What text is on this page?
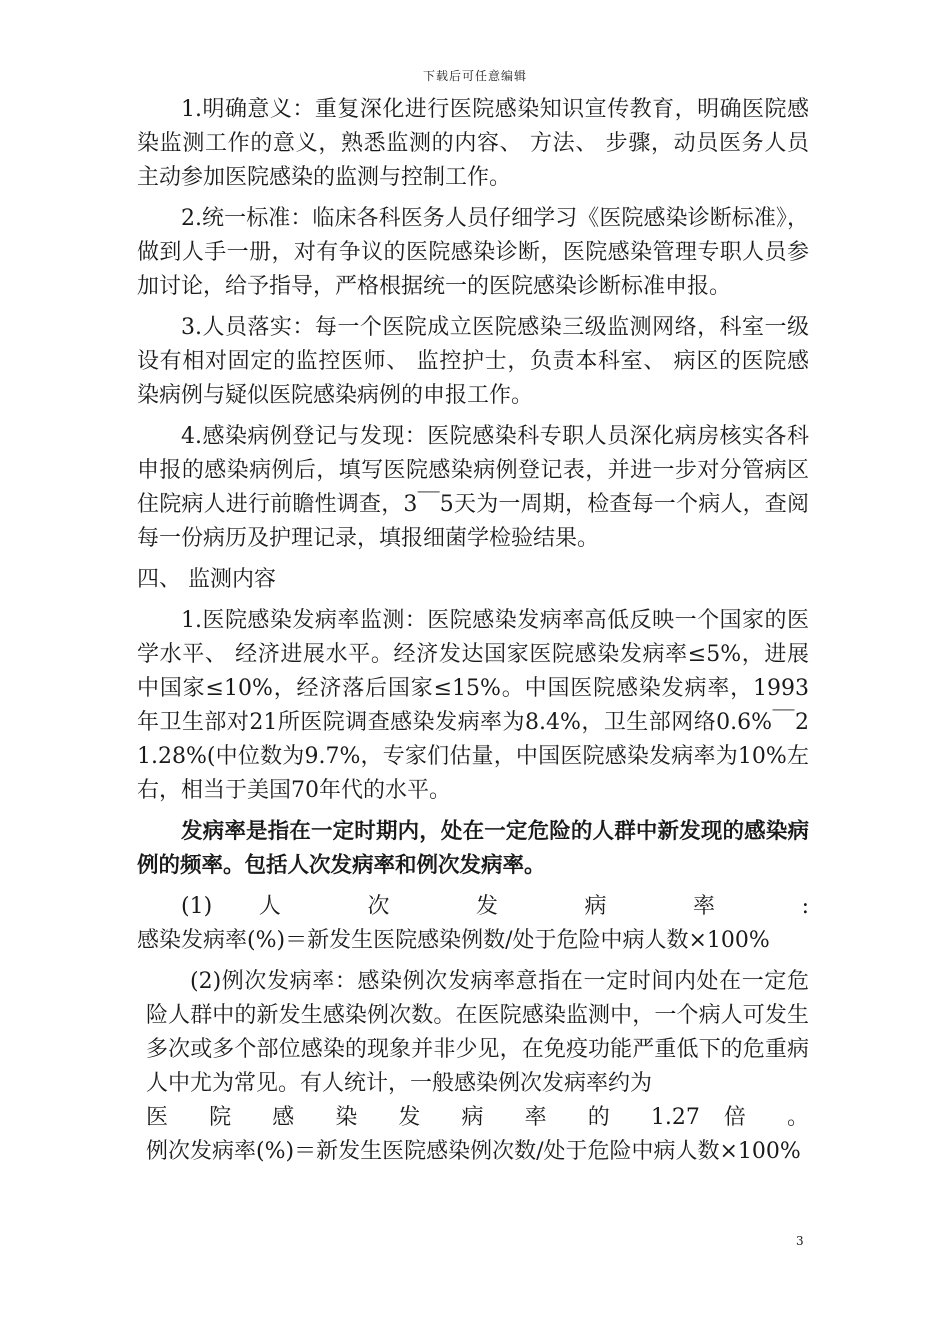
下载后可任意编辑

1.明确意义：重复深化进行医院感染知识宣传教育，明确医院感染监测工作的意义，熟悉监测的内容、 方法、 步骤，动员医务人员主动参加医院感染的监测与控制工作。

2.统一标准：临床各科医务人员仔细学习《医院感染诊断标准》，做到人手一册，对有争议的医院感染诊断，医院感染管理专职人员参加讨论，给予指导，严格根据统一的医院感染诊断标准申报。

3.人员落实：每一个医院成立医院感染三级监测网络，科室一级设有相对固定的监控医师、 监控护士，负责本科室、 病区的医院感染病例与疑似医院感染病例的申报工作。

4.感染病例登记与发现：医院感染科专职人员深化病房核实各科申报的感染病例后，填写医院感染病例登记表，并进一步对分管病区住院病人进行前瞻性调查，3￣5天为一周期，检查每一个病人，查阅每一份病历及护理记录，填报细菌学检验结果。

四、 监测内容

1.医院感染发病率监测：医院感染发病率高低反映一个国家的医学水平、 经济进展水平。经济发达国家医院感染发病率≤5%，进展中国家≤10%，经济落后国家≤15%。中国医院感染发病率，1993年卫生部对21所医院调查感染发病率为8.4%，卫生部网络0.6%￣21.28%(中位数为9.7%，专家们估量，中国医院感染发病率为10%左右，相当于美国70年代的水平。

发病率是指在一定时期内，处在一定危险的人群中新发现的感染病例的频率。包括人次发病率和例次发病率。

(1) 人 次 发 病 率 :

感染发病率(%)＝新发生医院感染例数/处于危险中病人数×100%

(2)例次发病率：感染例次发病率意指在一定时间内处在一定危险人群中的新发生感染例次数。在医院感染监测中，一个病人可发生多次或多个部位感染的现象并非少见，在免疫功能严重低下的危重病人中尤为常见。有人统计，一般感染例次发病率约为

医 院 感 染 发 病 率 的 1.27 倍 。

例次发病率(%)＝新发生医院感染例次数/处于危险中病人数×100%

3
